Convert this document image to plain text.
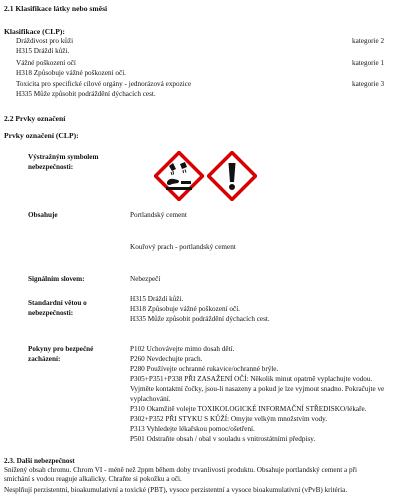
2.1 Klasifikace látky nebo směsi
Klasifikace (CLP):
Dráždivost pro kůži	kategorie 2
H315 Dráždí kůži.
Vážné poškození očí	kategorie 1
H318 Způsobuje vážné poškození očí.
Toxicita pro specifické cílové orgány - jednorázová expozice	kategorie 3
H335 Může způsobit podráždění dýchacích cest.
2.2 Prvky označení
Prvky označení (CLP):
Výstražným symbolem
nebezpečnosti:
Obsahuje	Portlandský cement
Kouřový prach - portlandský cement
Signálním slovem:	Nebezpečí
Standardní větou o
nebezpečnosti:
H315 Dráždí kůži.
H318 Způsobuje vážné poškození očí.
H335 Může způsobit podráždění dýchacích cest.
Pokyny pro bezpečné
zacházení:
P102 Uchovávejte mimo dosah dětí.
P260 Nevdechujte prach.
P280 Používejte ochranné rukavice/ochranné brýle.
P305+P351+P338 PŘI ZASAŽENÍ OČÍ: Několik minut opatrně vyplachujte vodou.
Vyjměte kontaktní čočky, jsou-li nasazeny a pokud je lze vyjmout snadno. Pokračujte ve
vyplachování.
P310 Okamžitě volejte TOXIKOLOGICKÉ INFORMAČNÍ STŘEDISKO/lékaře.
P302+P352 PŘI STYKU S KŮŽÍ: Omyjte velkým množstvím vody.
P313 Vyhledejte lékařskou pomoc/ošetření.
P501 Odstraňte obsah / obal v souladu s vnitrostátními předpisy.
2.3. Další nebezpečnost
Snížený obsah chromu. Chrom VI - méně než 2ppm během doby trvanlivosti produktu. Obsahuje portlandský cement a při
smíchání s vodou reaguje alkalicky. Chraňte si pokožku a oči.
Nesplňují perzistentní, bioakumulativní a toxické (PBT), vysoce perzistentní a vysoce bioakumulativní (vPvB) kritéria.
